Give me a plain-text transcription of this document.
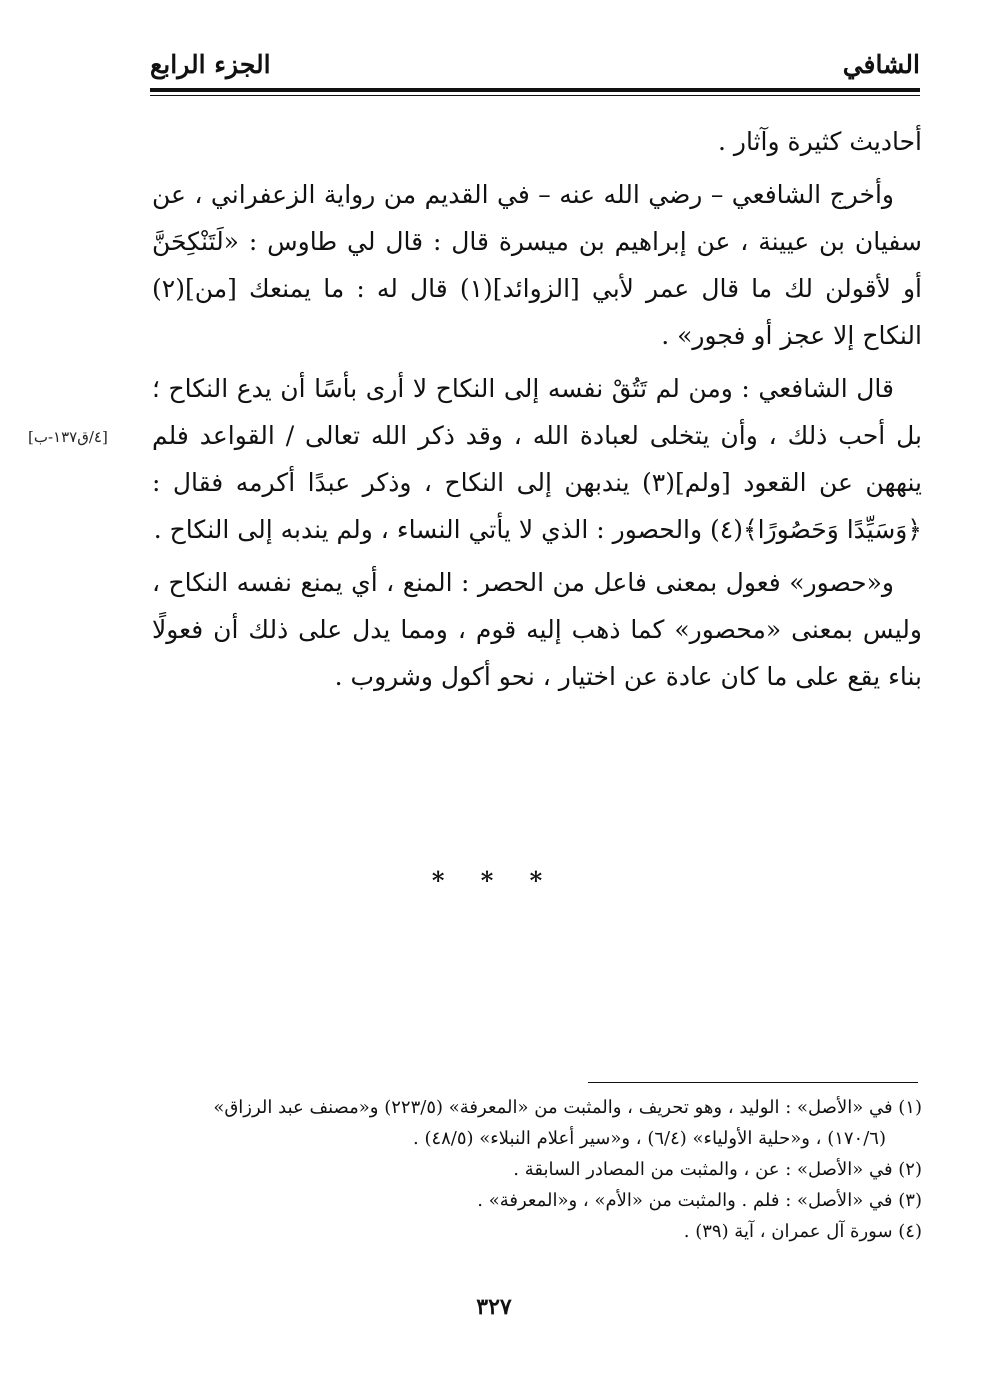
الشافي
الجزء الرابع

أحاديث كثيرة وآثار .

وأخرج الشافعي – رضي الله عنه – في القديم من رواية الزعفراني ، عن سفيان بن عيينة ، عن إبراهيم بن ميسرة قال : قال لي طاوس : «لَتَنْكِحَنَّ أو لأقولن لك ما قال عمر لأبي [الزوائد](١) قال له : ما يمنعك [من](٢) النكاح إلا عجز أو فجور» .

قال الشافعي : ومن لم تَتُقْ نفسه إلى النكاح لا أرى بأسًا أن يدع النكاح ؛ بل أحب ذلك ، وأن يتخلى لعبادة الله ، وقد ذكر الله تعالى / القواعد فلم ينههن عن القعود [ولم](٣) يندبهن إلى النكاح ، وذكر عبدًا أكرمه فقال : ﴿وَسَيِّدًا وَحَصُورًا﴾(٤) والحصور : الذي لا يأتي النساء ، ولم يندبه إلى النكاح .

و«حصور» فعول بمعنى فاعل من الحصر : المنع ، أي يمنع نفسه النكاح ، وليس بمعنى «محصور» كما ذهب إليه قوم ، ومما يدل على ذلك أن فعولًا بناء يقع على ما كان عادة عن اختيار ، نحو أكول وشروب .

[٤/ق١٣٧-ب]
* * *

(١) في «الأصل» : الوليد ، وهو تحريف ، والمثبت من «المعرفة» (٢٢٣/٥) و«مصنف عبد الرزاق»

(١٧٠/٦) ، و«حلية الأولياء» (٦/٤) ، و«سير أعلام النبلاء» (٤٨/٥) .

(٢) في «الأصل» : عن ، والمثبت من المصادر السابقة .

(٣) في «الأصل» : فلم . والمثبت من «الأم» ، و«المعرفة» .

(٤) سورة آل عمران ، آية (٣٩) .

٣٢٧
